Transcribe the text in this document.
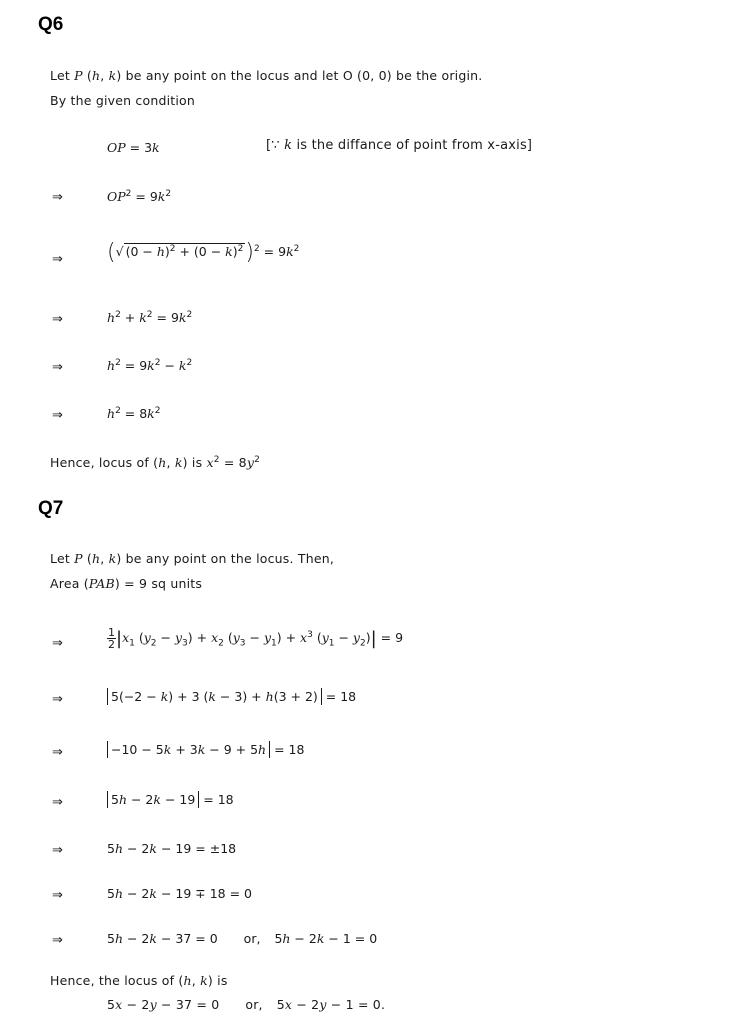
Q6
Let P (h, k) be any point on the locus and let O (0, 0) be the origin.
By the given condition
OP = 3k	[∵ k is the diffance of point from x-axis]
⇒	$OP^2 = 9k^2$
⇒ (√ $(0 - h)^2 + (0 - k)^2)^2 = 9k^2$
⇒	$h^2 + k^2 = 9k^2$
⇒	$h^2 = 9k^2 - k^2$
⇒	$h^2 = 8k^2$
Hence, locus of (h, k) is $x^2 = 8y^2$
Q7
Let P (h, k) be any point on the locus. Then,
Area (PAB) = 9 sq units
⇒	$\frac{1}{2} |x_1$ $(y_2 - y_3) + x_2$ $(y_3 - y_1) + x^3$ $(y_1 - y_2)| = 9$
⇒	5(−2 − k) + 3 (k − 3) + h(3 + 2) = 18
⇒	−10 − 5k + 3k − 9 + 5h = 18
⇒	5h − 2k − 19 = 18
⇒	5h − 2k − 19 = ±18
⇒	5h − 2k − 19 ∓ 18 = 0
⇒	5h − 2k − 37 = 0 or, 5h − 2k − 1 = 0
Hence, the locus of (h, k) is
5x − 2y − 37 = 0 or, 5x − 2y − 1 = 0.
